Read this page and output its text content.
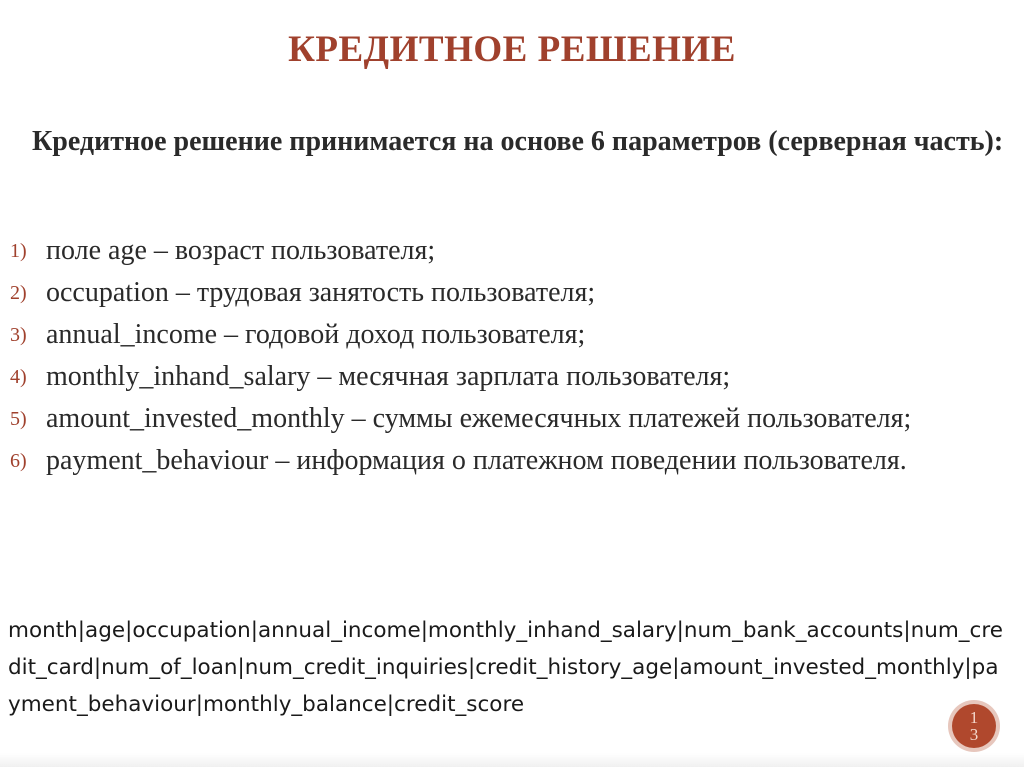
КРЕДИТНОЕ РЕШЕНИЕ
Кредитное решение принимается на основе 6 параметров (серверная часть):
1) поле age – возраст пользователя;
2) occupation – трудовая занятость пользователя;
3) annual_income – годовой доход пользователя;
4) monthly_inhand_salary – месячная зарплата пользователя;
5) amount_invested_monthly – суммы ежемесячных платежей пользователя;
6) payment_behaviour – информация о платежном поведении пользователя.
month|age|occupation|annual_income|monthly_inhand_salary|num_bank_accounts|num_credit_card|num_of_loan|num_credit_inquiries|credit_history_age|amount_invested_monthly|payment_behaviour|monthly_balance|credit_score
13
